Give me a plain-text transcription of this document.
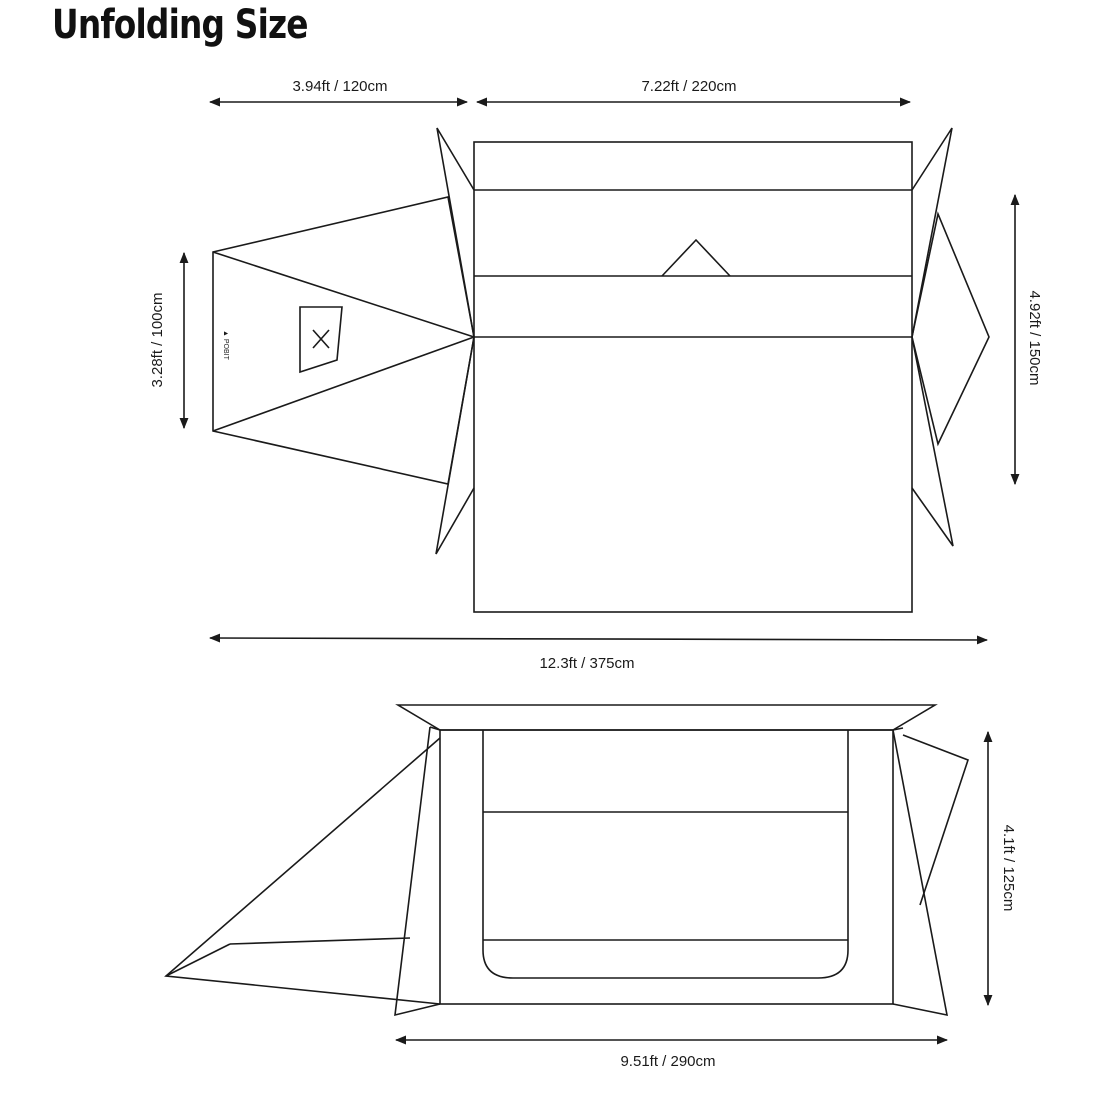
Unfolding Size
▲ POBIT
3.94ft / 120cm	7.22ft / 220cm
3.28ft / 100cm	4.92ft / 150cm
12.3ft / 375cm
4.1ft / 125cm
9.51ft / 290cm
